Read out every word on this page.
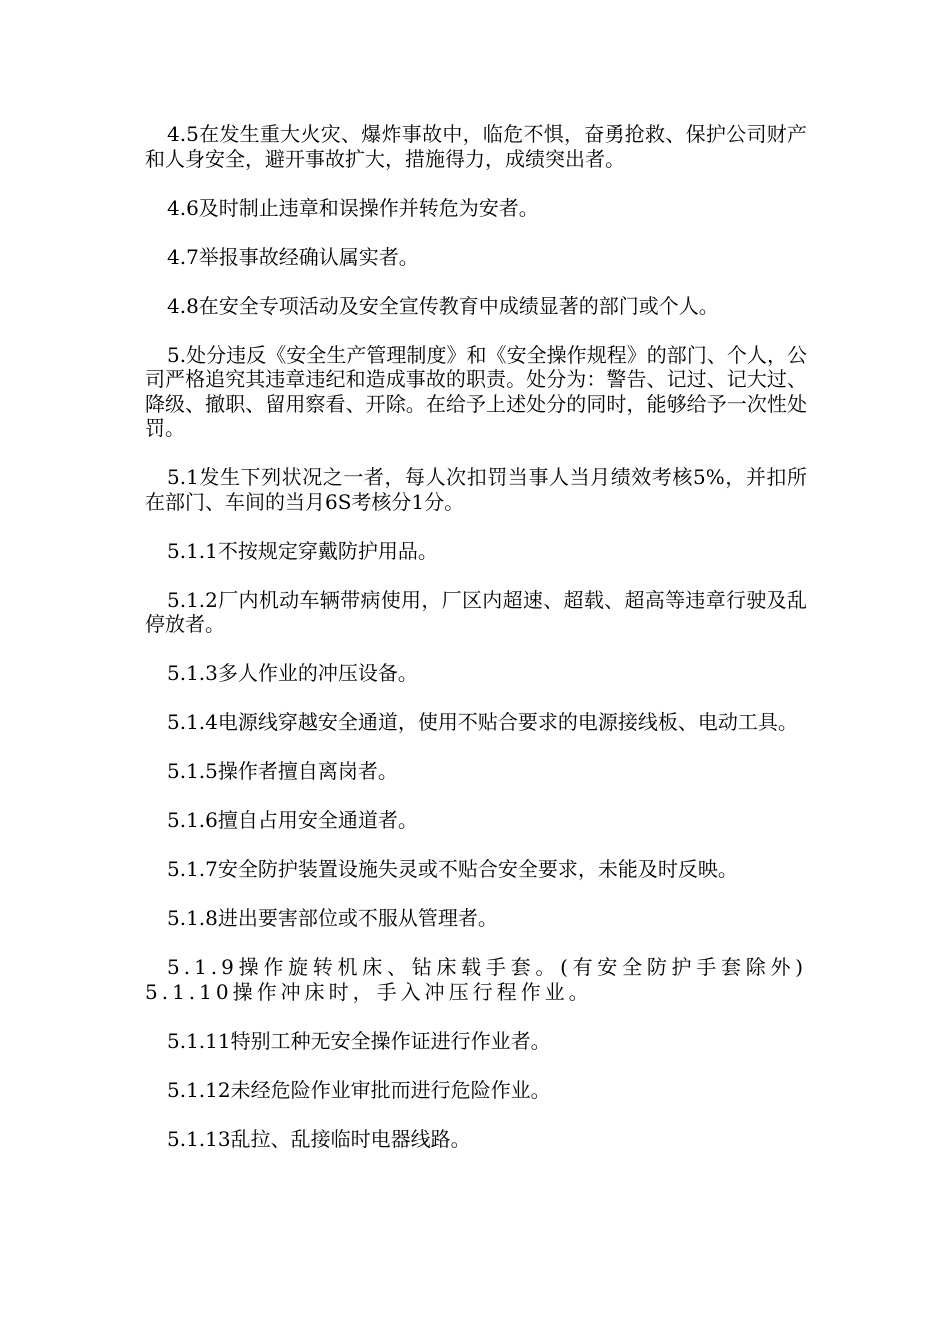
4.5在发生重大火灾、爆炸事故中，临危不惧，奋勇抢救、保护公司财产和人身安全，避开事故扩大，措施得力，成绩突出者。

4.6及时制止违章和误操作并转危为安者。

4.7举报事故经确认属实者。

4.8在安全专项活动及安全宣传教育中成绩显著的部门或个人。

5.处分违反《安全生产管理制度》和《安全操作规程》的部门、个人，公司严格追究其违章违纪和造成事故的职责。处分为：警告、记过、记大过、降级、撤职、留用察看、开除。在给予上述处分的同时，能够给予一次性处罚。

5.1发生下列状况之一者，每人次扣罚当事人当月绩效考核5%，并扣所在部门、车间的当月6S考核分1分。

5.1.1不按规定穿戴防护用品。

5.1.2厂内机动车辆带病使用，厂区内超速、超载、超高等违章行驶及乱停放者。

5.1.3多人作业的冲压设备。

5.1.4电源线穿越安全通道，使用不贴合要求的电源接线板、电动工具。

5.1.5操作者擅自离岗者。

5.1.6擅自占用安全通道者。

5.1.7安全防护装置设施失灵或不贴合安全要求，未能及时反映。

5.1.8进出要害部位或不服从管理者。

5.1.9操作旋转机床、钻床载手套。(有安全防护手套除外)5.1.10操作冲床时，手入冲压行程作业。

5.1.11特别工种无安全操作证进行作业者。

5.1.12未经危险作业审批而进行危险作业。

5.1.13乱拉、乱接临时电器线路。
